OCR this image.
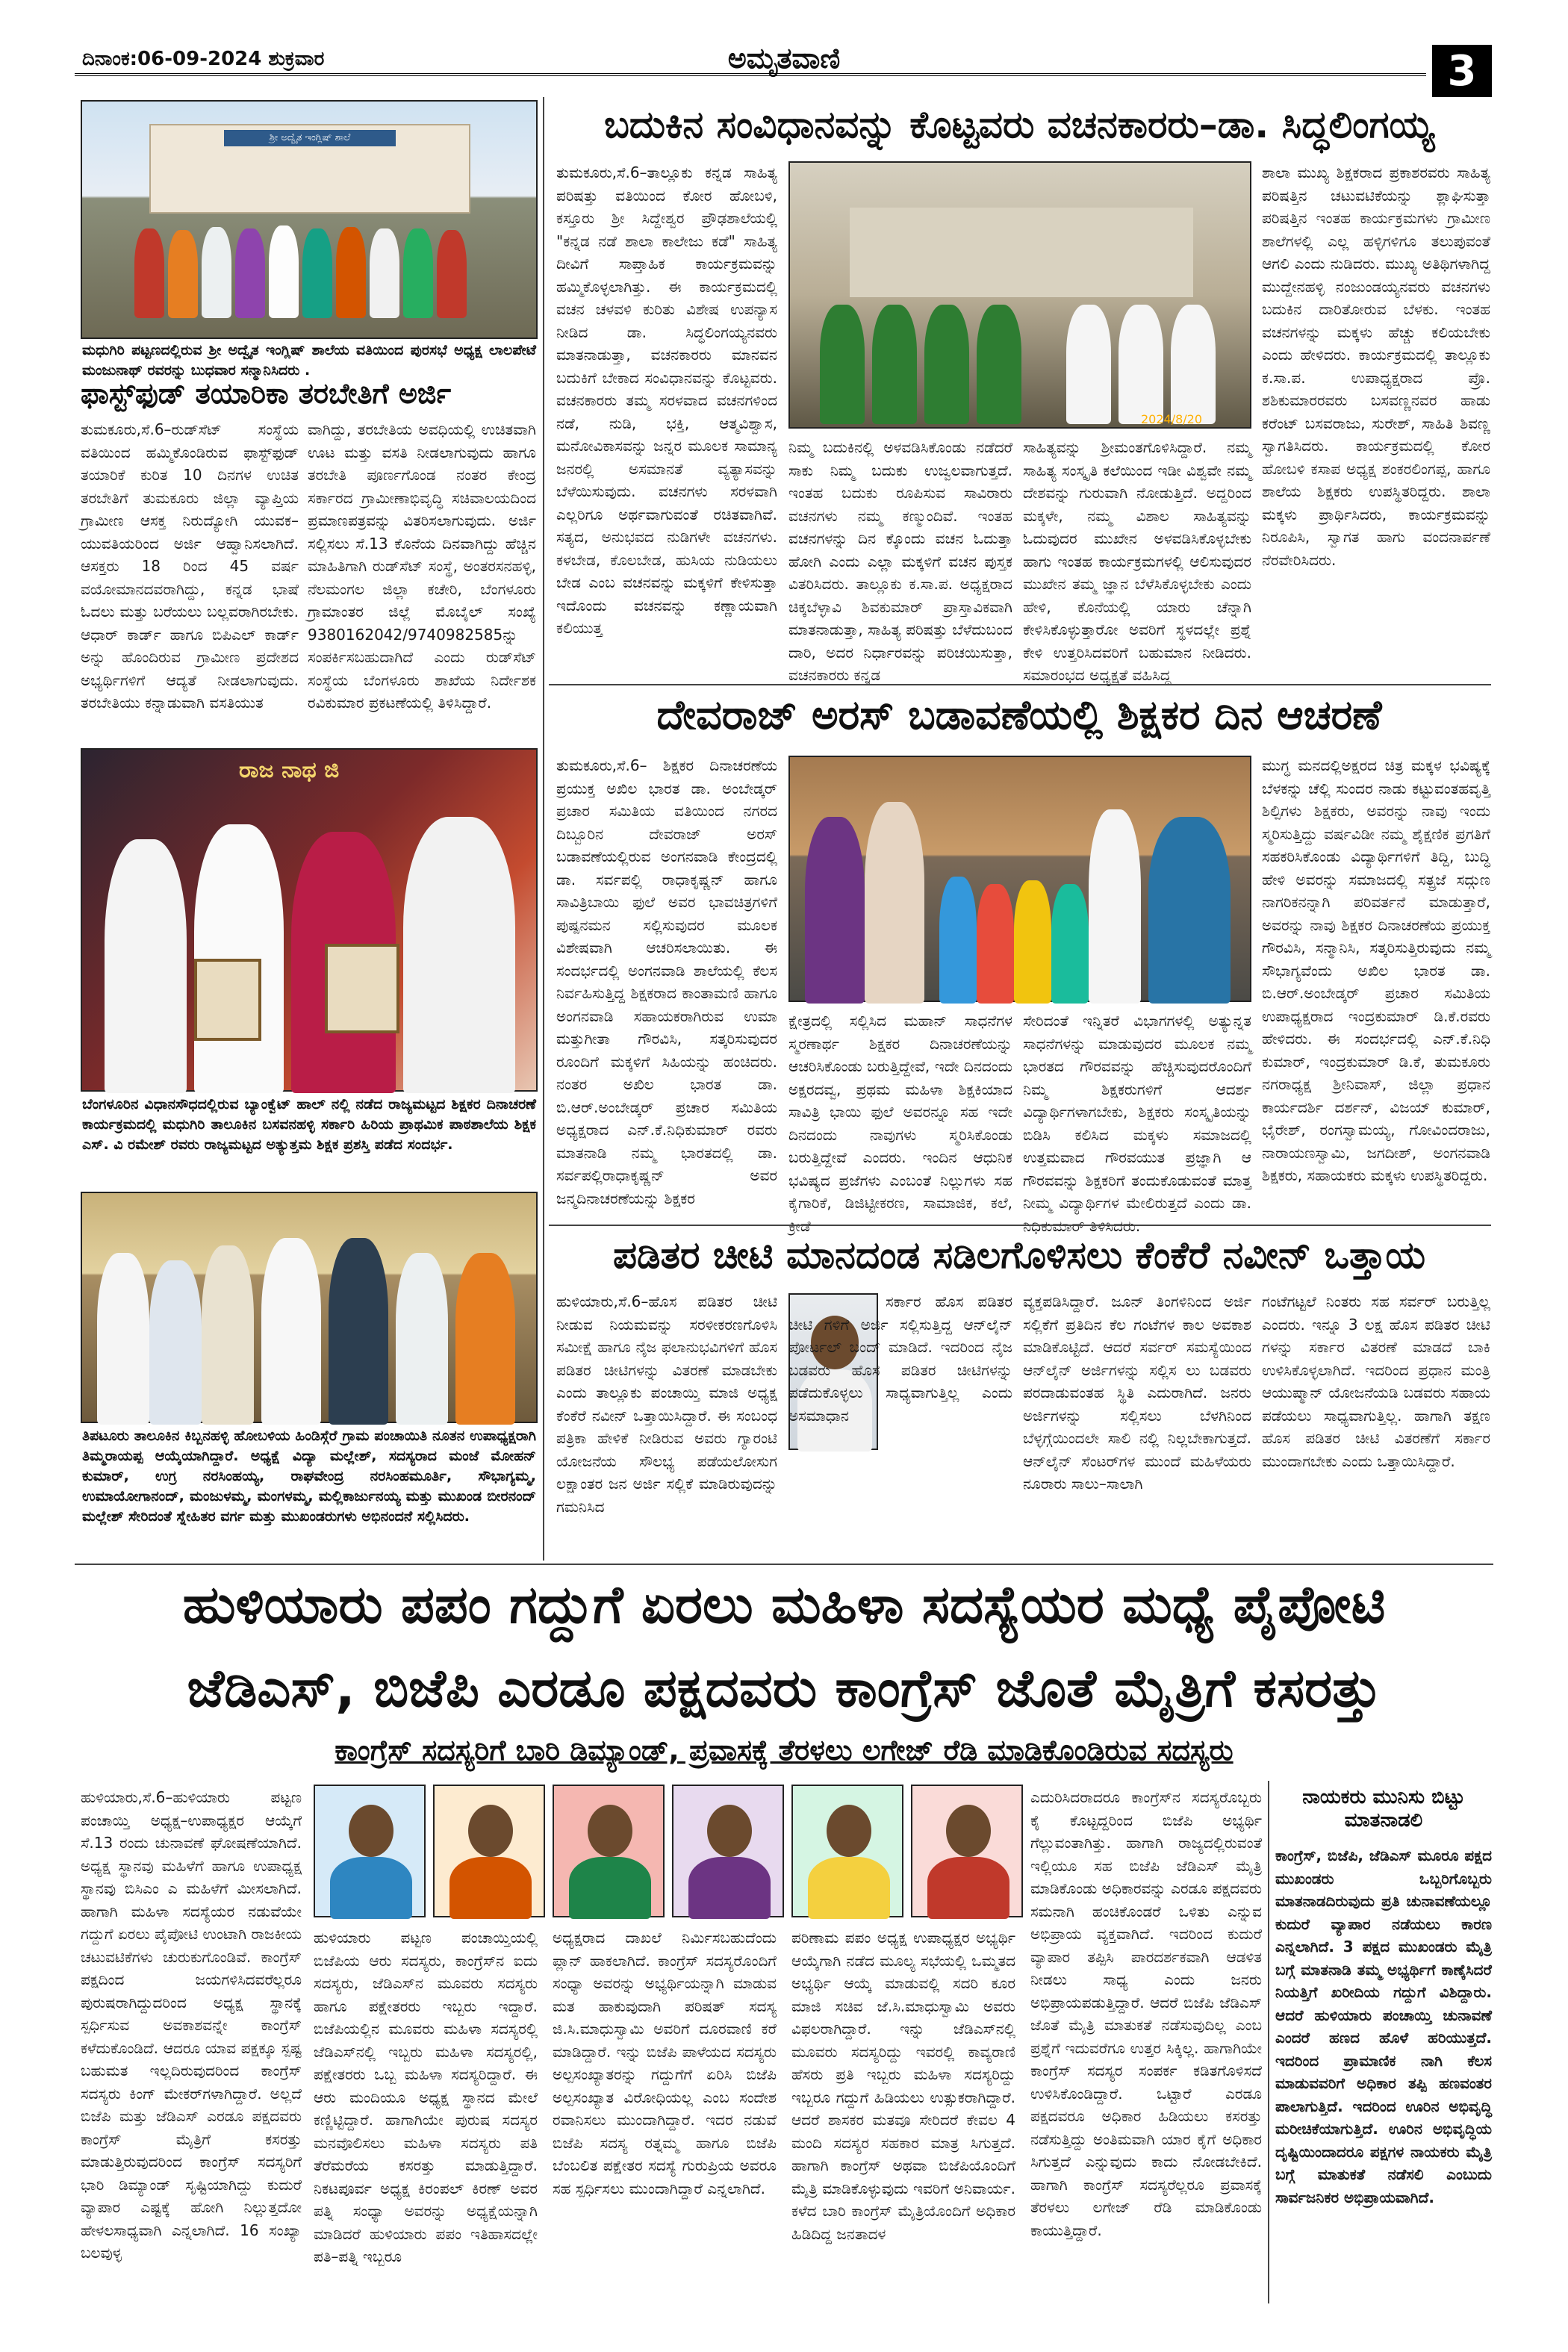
ದಿನಾಂಕ:06-09-2024 ಶುಕ್ರವಾರ	ಅಮೃತವಾಣಿ	3
ಶ್ರೀ ಅದ್ವೈತ ಇಂಗ್ಲಿಷ್ ಶಾಲೆ
ಮಧುಗಿರಿ ಪಟ್ಟಣದಲ್ಲಿರುವ ಶ್ರೀ ಅದ್ವೈತ ಇಂಗ್ಲಿಷ್ ಶಾಲೆಯ ವತಿಯಿಂದ ಪುರಸಭೆ ಅಧ್ಯಕ್ಷ ಲಾಲಪೇಟೆ ಮಂಜುನಾಥ್ ರವರನ್ನು ಬುಧವಾರ ಸನ್ಮಾನಿಸಿದರು .
ಫಾಸ್ಟ್‌ಫುಡ್ ತಯಾರಿಕಾ ತರಬೇತಿಗೆ ಅರ್ಜಿ
ತುಮಕೂರು,ಸೆ.6–ರುಡ್‌ಸೆಟ್ ಸಂಸ್ಥೆಯ ವತಿಯಿಂದ ಹಮ್ಮಿಕೊಂಡಿರುವ ಫಾಸ್ಟ್‌ಫುಡ್ ತಯಾರಿಕೆ ಕುರಿತ 10 ದಿನಗಳ ಉಚಿತ ತರಬೇತಿಗೆ ತುಮಕೂರು ಜಿಲ್ಲಾ ವ್ಯಾಪ್ತಿಯ ಗ್ರಾಮೀಣ ಆಸಕ್ತ ನಿರುದ್ಯೋಗಿ ಯುವಕ–ಯುವತಿಯರಿಂದ ಅರ್ಜಿ ಆಹ್ವಾನಿಸಲಾಗಿದೆ. ಆಸಕ್ತರು 18 ರಿಂದ 45 ವರ್ಷ ವಯೋಮಾನದವರಾಗಿದ್ದು, ಕನ್ನಡ ಭಾಷೆ ಓದಲು ಮತ್ತು ಬರೆಯಲು ಬಲ್ಲವರಾಗಿರಬೇಕು. ಆಧಾರ್ ಕಾರ್ಡ್ ಹಾಗೂ ಬಿಪಿಎಲ್ ಕಾರ್ಡ್ ಅನ್ನು ಹೊಂದಿರುವ ಗ್ರಾಮೀಣ ಪ್ರದೇಶದ ಅಭ್ಯರ್ಥಿಗಳಿಗೆ ಆದ್ಯತೆ ನೀಡಲಾಗುವುದು. ತರಬೇತಿಯು ಕನ್ನಾಡುವಾಗಿ ವಸತಿಯುತ
ವಾಗಿದ್ದು, ತರಬೇತಿಯ ಅವಧಿಯಲ್ಲಿ ಉಚಿತವಾಗಿ ಊಟ ಮತ್ತು ವಸತಿ ನೀಡಲಾಗುವುದು ಹಾಗೂ ತರಬೇತಿ ಪೂರ್ಣಗೊಂಡ ನಂತರ ಕೇಂದ್ರ ಸರ್ಕಾರದ ಗ್ರಾಮೀಣಾಭಿವೃದ್ಧಿ ಸಚಿವಾಲಯದಿಂದ ಪ್ರಮಾಣಪತ್ರವನ್ನು ವಿತರಿಸಲಾಗುವುದು. ಅರ್ಜಿ ಸಲ್ಲಿಸಲು ಸೆ.13 ಕೊನೆಯ ದಿನವಾಗಿದ್ದು ಹೆಚ್ಚಿನ ಮಾಹಿತಿಗಾಗಿ ರುಡ್‌ಸೆಟ್ ಸಂಸ್ಥೆ, ಅಂತರಸನಹಳ್ಳಿ, ನೆಲಮಂಗಲ ಜಿಲ್ಲಾ ಕಚೇರಿ, ಬೆಂಗಳೂರು ಗ್ರಾಮಾಂತರ ಜಿಲ್ಲೆ ಮೊಬೈಲ್ ಸಂಖ್ಯೆ 9380162042/9740982585ನ್ನು ಸಂಪರ್ಕಿಸಬಹುದಾಗಿದೆ ಎಂದು ರುಡ್‌ಸೆಟ್ ಸಂಸ್ಥೆಯ ಬೆಂಗಳೂರು ಶಾಖೆಯ ನಿರ್ದೇಶಕ ರವಿಕುಮಾರ ಪ್ರಕಟಣೆಯಲ್ಲಿ ತಿಳಿಸಿದ್ದಾರೆ.
ರಾಜ ನಾಥ ಜಿ
ಬೆಂಗಳೂರಿನ ವಿಧಾನಸೌಧದಲ್ಲಿರುವ ಬ್ಯಾಂಕ್ವೆಟ್ ಹಾಲ್ ನಲ್ಲಿ ನಡೆದ ರಾಜ್ಯಮಟ್ಟದ ಶಿಕ್ಷಕರ ದಿನಾಚರಣೆ ಕಾರ್ಯಕ್ರಮದಲ್ಲಿ ಮಧುಗಿರಿ ತಾಲೂಕಿನ ಬಸವನಹಳ್ಳಿ ಸರ್ಕಾರಿ ಹಿರಿಯ ಪ್ರಾಥಮಿಕ ಪಾಠಶಾಲೆಯ ಶಿಕ್ಷಕ ಎಸ್. ವಿ ರಮೇಶ್ ರವರು ರಾಜ್ಯಮಟ್ಟದ ಅತ್ಯುತ್ತಮ ಶಿಕ್ಷಕ ಪ್ರಶಸ್ತಿ ಪಡೆದ ಸಂದರ್ಭ.
ತಿಪಟೂರು ತಾಲೂಕಿನ ಕಿಬ್ಬನಹಳ್ಳಿ ಹೋಬಳಿಯ ಹಿಂಡಿಸ್ಗೆರೆ ಗ್ರಾಮ ಪಂಚಾಯಿತಿ ನೂತನ ಉಪಾಧ್ಯಕ್ಷರಾಗಿ ತಿಮ್ಮರಾಯಪ್ಪ ಆಯ್ಕೆಯಾಗಿದ್ದಾರೆ. ಅಧ್ಯಕ್ಷೆ ವಿದ್ಯಾ ಮಲ್ಲೇಶ್, ಸದಸ್ಯರಾದ ಮಂಜೆ ಮೋಹನ್ ಕುಮಾರ್, ಉಗ್ರ ನರಸಿಂಹಯ್ಯ, ರಾಘವೇಂದ್ರ ನರಸಿಂಹಮೂರ್ತಿ, ಸೌಭಾಗ್ಯಮ್ಮ, ಉಮಾಯೋಗಾನಂದ್, ಮಂಜುಳಮ್ಮ, ಮಂಗಳಮ್ಮ, ಮಲ್ಲಿಕಾರ್ಜುನಯ್ಯ ಮತ್ತು ಮುಖಂಡ ಬೀರನಂದ್ ಮಲ್ಲೇಶ್ ಸೇರಿದಂತೆ ಸ್ನೇಹಿತರ ವರ್ಗ ಮತ್ತು ಮುಖಂಡರುಗಳು ಅಭಿನಂದನೆ ಸಲ್ಲಿಸಿದರು.
ಬದುಕಿನ ಸಂವಿಧಾನವನ್ನು ಕೊಟ್ಟವರು ವಚನಕಾರರು–ಡಾ. ಸಿದ್ಧಲಿಂಗಯ್ಯ
ತುಮಕೂರು,ಸೆ.6–ತಾಲ್ಲೂಕು ಕನ್ನಡ ಸಾಹಿತ್ಯ ಪರಿಷತ್ತು ವತಿಯಿಂದ ಕೋರ ಹೋಬಳಿ, ಕಸ್ತೂರು ಶ್ರೀ ಸಿದ್ದೇಶ್ವರ ಪ್ರೌಢಶಾಲೆಯಲ್ಲಿ "ಕನ್ನಡ ನಡೆ ಶಾಲಾ ಕಾಲೇಜು ಕಡೆ" ಸಾಹಿತ್ಯ ದೀವಿಗೆ ಸಾಪ್ತಾಹಿಕ ಕಾರ್ಯಕ್ರಮವನ್ನು ಹಮ್ಮಿಕೊಳ್ಳಲಾಗಿತ್ತು. ಈ ಕಾರ್ಯಕ್ರಮದಲ್ಲಿ ವಚನ ಚಳವಳಿ ಕುರಿತು ವಿಶೇಷ ಉಪನ್ಯಾಸ ನೀಡಿದ ಡಾ. ಸಿದ್ಧಲಿಂಗಯ್ಯನವರು ಮಾತನಾಡುತ್ತಾ, ವಚನಕಾರರು ಮಾನವನ ಬದುಕಿಗೆ ಬೇಕಾದ ಸಂವಿಧಾನವನ್ನು ಕೊಟ್ಟವರು. ವಚನಕಾರರು ತಮ್ಮ ಸರಳವಾದ ವಚನಗಳಿಂದ ನಡೆ, ನುಡಿ, ಭಕ್ತಿ, ಆತ್ಮವಿಶ್ವಾಸ, ಮನೋವಿಕಾಸವನ್ನು ಜನ್ನರ ಮೂಲಕ ಸಾಮಾನ್ಯ ಜನರಲ್ಲಿ ಅಸಮಾನತೆ ವ್ಯತ್ಯಾಸವನ್ನು ಬೆಳೆಯಿಸುವುದು. ವಚನಗಳು ಸರಳವಾಗಿ ಎಲ್ಲರಿಗೂ ಅರ್ಥವಾಗುವಂತೆ ರಚಿತವಾಗಿವೆ. ಸತ್ಯದ, ಅನುಭವದ ನುಡಿಗಳೇ ವಚನಗಳು. ಕಳಬೇಡ, ಕೊಲಬೇಡ, ಹುಸಿಯ ನುಡಿಯಲು ಬೇಡ ಎಂಬ ವಚನವನ್ನು ಮಕ್ಕಳಿಗೆ ಕೇಳಿಸುತ್ತಾ ಇದೊಂದು ವಚನವನ್ನು ಕಣ್ಣಾಯವಾಗಿ ಕಲಿಯುತ್ತ
2024/8/20
ನಿಮ್ಮ ಬದುಕಿನಲ್ಲಿ ಅಳವಡಿಸಿಕೊಂಡು ನಡೆದರೆ ಸಾಕು ನಿಮ್ಮ ಬದುಕು ಉಜ್ವಲವಾಗುತ್ತದೆ. ಇಂತಹ ಬದುಕು ರೂಪಿಸುವ ಸಾವಿರಾರು ವಚನಗಳು ನಮ್ಮ ಕಣ್ಮುಂದಿವೆ. ಇಂತಹ ವಚನಗಳನ್ನು ದಿನ ಕ್ಕೊಂದು ವಚನ ಓದುತ್ತಾ ಹೋಗಿ ಎಂದು ಎಲ್ಲಾ ಮಕ್ಕಳಿಗೆ ವಚನ ಪುಸ್ತಕ ವಿತರಿಸಿದರು. ತಾಲ್ಲೂಕು ಕ.ಸಾ.ಪ. ಅಧ್ಯಕ್ಷರಾದ ಚಿಕ್ಕಬೆಳ್ಳಾವಿ ಶಿವಕುಮಾರ್ ಪ್ರಾಸ್ತಾವಿಕವಾಗಿ ಮಾತನಾಡುತ್ತಾ, ಸಾಹಿತ್ಯ ಪರಿಷತ್ತು ಬೆಳೆದುಬಂದ ದಾರಿ, ಅದರ ನಿರ್ಧಾರವನ್ನು ಪರಿಚಯಿಸುತ್ತಾ, ವಚನಕಾರರು ಕನ್ನಡ
ಸಾಹಿತ್ಯವನ್ನು ಶ್ರೀಮಂತಗೊಳಿಸಿದ್ದಾರೆ. ನಮ್ಮ ಸಾಹಿತ್ಯ ಸಂಸ್ಕೃತಿ ಕಲೆಯಿಂದ ಇಡೀ ವಿಶ್ವವೇ ನಮ್ಮ ದೇಶವನ್ನು ಗುರುವಾಗಿ ನೋಡುತ್ತಿದೆ. ಅದ್ದರಿಂದ ಮಕ್ಕಳೇ, ನಮ್ಮ ವಿಶಾಲ ಸಾಹಿತ್ಯವನ್ನು ಓದುವುದರ ಮುಖೇನ ಅಳವಡಿಸಿಕೊಳ್ಳಬೇಕು ಹಾಗು ಇಂತಹ ಕಾರ್ಯಕ್ರಮಗಳಲ್ಲಿ ಆಲಿಸುವುದರ ಮುಖೇನ ತಮ್ಮ ಜ್ಞಾನ ಬೆಳೆಸಿಕೊಳ್ಳಬೇಕು ಎಂದು ಹೇಳಿ, ಕೊನೆಯಲ್ಲಿ ಯಾರು ಚೆನ್ನಾಗಿ ಕೇಳಿಸಿಕೊಳ್ಳುತ್ತಾರೋ ಅವರಿಗೆ ಸ್ಥಳದಲ್ಲೇ ಪ್ರಶ್ನೆ ಕೇಳಿ ಉತ್ತರಿಸಿದವರಿಗೆ ಬಹುಮಾನ ನೀಡಿದರು. ಸಮಾರಂಭದ ಅಧ್ಯಕ್ಷತೆ ವಹಿಸಿದ್ದ
ಶಾಲಾ ಮುಖ್ಯ ಶಿಕ್ಷಕರಾದ ಪ್ರಕಾಶರವರು ಸಾಹಿತ್ಯ ಪರಿಷತ್ತಿನ ಚಟುವಟಿಕೆಯನ್ನು ಶ್ಲಾಘಿಸುತ್ತಾ ಪರಿಷತ್ತಿನ ಇಂತಹ ಕಾರ್ಯಕ್ರಮಗಳು ಗ್ರಾಮೀಣ ಶಾಲೆಗಳಲ್ಲಿ ಎಲ್ಲ ಹಳ್ಳಿಗಳಿಗೂ ತಲುಪುವಂತೆ ಆಗಲಿ ಎಂದು ನುಡಿದರು. ಮುಖ್ಯ ಅತಿಥಿಗಳಾಗಿದ್ದ ಮುದ್ದೇನಹಳ್ಳಿ ನಂಜುಂಡಯ್ಯನವರು ವಚನಗಳು ಬದುಕಿನ ದಾರಿತೋರುವ ಬೆಳಕು. ಇಂತಹ ವಚನಗಳನ್ನು ಮಕ್ಕಳು ಹೆಚ್ಚು ಕಲಿಯಬೇಕು ಎಂದು ಹೇಳಿದರು. ಕಾರ್ಯಕ್ರಮದಲ್ಲಿ ತಾಲ್ಲೂಕು ಕ.ಸಾ.ಪ. ಉಪಾಧ್ಯಕ್ಷರಾದ ಪ್ರೊ. ಶಶಿಕುಮಾರರವರು ಬಸವಣ್ಣನವರ ಹಾಡು ಕರೆಂಟ್ ಬಸವರಾಜು, ಸುರೇಶ್, ಸಾಹಿತಿ ಶಿವಣ್ಣ ಸ್ವಾಗತಿಸಿದರು. ಕಾರ್ಯಕ್ರಮದಲ್ಲಿ ಕೋರ ಹೋಬಳಿ ಕಸಾಪ ಅಧ್ಯಕ್ಷ ಶಂಕರಲಿಂಗಪ್ಪ, ಹಾಗೂ ಶಾಲೆಯ ಶಿಕ್ಷಕರು ಉಪಸ್ಥಿತರಿದ್ದರು. ಶಾಲಾ ಮಕ್ಕಳು ಪ್ರಾರ್ಥಿಸಿದರು, ಕಾರ್ಯಕ್ರಮವನ್ನು ನಿರೂಪಿಸಿ, ಸ್ವಾಗತ ಹಾಗು ವಂದನಾರ್ಪಣೆ ನೆರವೇರಿಸಿದರು.
ದೇವರಾಜ್ ಅರಸ್ ಬಡಾವಣೆಯಲ್ಲಿ ಶಿಕ್ಷಕರ ದಿನ ಆಚರಣೆ
ತುಮಕೂರು,ಸೆ.6– ಶಿಕ್ಷಕರ ದಿನಾಚರಣೆಯ ಪ್ರಯುಕ್ತ ಅಖಿಲ ಭಾರತ ಡಾ. ಅಂಬೇಡ್ಕರ್ ಪ್ರಚಾರ ಸಮಿತಿಯ ವತಿಯಿಂದ ನಗರದ ದಿಬ್ಬೂರಿನ ದೇವರಾಜ್ ಅರಸ್ ಬಡಾವಣೆಯಲ್ಲಿರುವ ಅಂಗನವಾಡಿ ಕೇಂದ್ರದಲ್ಲಿ ಡಾ. ಸರ್ವಪಲ್ಲಿ ರಾಧಾಕೃಷ್ಣನ್ ಹಾಗೂ ಸಾವಿತ್ರಿಬಾಯಿ ಫುಲೆ ಅವರ ಭಾವಚಿತ್ರಗಳಿಗೆ ಪುಷ್ಪನಮನ ಸಲ್ಲಿಸುವುದರ ಮೂಲಕ ವಿಶೇಷವಾಗಿ ಆಚರಿಸಲಾಯಿತು. ಈ ಸಂದರ್ಭದಲ್ಲಿ ಅಂಗನವಾಡಿ ಶಾಲೆಯಲ್ಲಿ ಕೆಲಸ ನಿರ್ವಹಿಸುತ್ತಿದ್ದ ಶಿಕ್ಷಕರಾದ ಕಾಂತಾಮಣಿ ಹಾಗೂ ಅಂಗನವಾಡಿ ಸಹಾಯಕರಾಗಿರುವ ಉಮಾ ಮತ್ತುಗೀತಾ ಗೌರವಿಸಿ, ಸತ್ಕರಿಸುವುದರ ರೂಂದಿಗೆ ಮಕ್ಕಳಿಗೆ ಸಿಹಿಯನ್ನು ಹಂಚಿದರು. ನಂತರ ಅಖಿಲ ಭಾರತ ಡಾ. ಬಿ.ಆರ್.ಅಂಬೇಡ್ಕರ್ ಪ್ರಚಾರ ಸಮಿತಿಯ ಅಧ್ಯಕ್ಷರಾದ ಎನ್.ಕೆ.ನಿಧಿಕುಮಾರ್ ರವರು ಮಾತನಾಡಿ ನಮ್ಮ ಭಾರತದಲ್ಲಿ ಡಾ. ಸರ್ವಪಲ್ಲಿರಾಧಾಕೃಷ್ಣನ್ ಅವರ ಜನ್ಮದಿನಾಚರಣೆಯನ್ನು ಶಿಕ್ಷಕರ
ಕ್ಷೇತ್ರದಲ್ಲಿ ಸಲ್ಲಿಸಿದ ಮಹಾನ್ ಸಾಧನೆಗಳ ಸ್ಮರಣಾರ್ಥ ಶಿಕ್ಷಕರ ದಿನಾಚರಣೆಯನ್ನು ಆಚರಿಸಿಕೊಂಡು ಬರುತ್ತಿದ್ದೇವೆ, ಇದೇ ದಿನದಂದು ಅಕ್ಷರದವ್ವ, ಪ್ರಥಮ ಮಹಿಳಾ ಶಿಕ್ಷಕಿಯಾದ ಸಾವಿತ್ರಿ ಭಾಯಿ ಫುಲೆ ಅವರನ್ನೂ ಸಹ ಇದೇ ದಿನದಂದು ನಾವುಗಳು ಸ್ಮರಿಸಿಕೊಂಡು ಬರುತ್ತಿದ್ದೇವೆ ಎಂದರು. ಇಂದಿನ ಆಧುನಿಕ ಭವಿಷ್ಯದ ಪ್ರಜೆಗಳು ಎಂಬಂತೆ ನಿಲ್ಲುಗಳು ಸಹ ಕೈಗಾರಿಕೆ, ಡಿಜಿಟ್ಟೀಕರಣ, ಸಾಮಾಜಿಕ, ಕಲೆ, ಕ್ರೀಡೆ
ಸೇರಿದಂತೆ ಇನ್ನಿತರೆ ವಿಭಾಗಗಳಲ್ಲಿ ಅತ್ಯುನ್ನತ ಸಾಧನೆಗಳನ್ನು ಮಾಡುವುದರ ಮೂಲಕ ನಮ್ಮ ಭಾರತದ ಗೌರವವನ್ನು ಹೆಚ್ಚಿಸುವುದರೊಂದಿಗೆ ನಿಮ್ಮ ಶಿಕ್ಷಕರುಗಳಿಗೆ ಆದರ್ಶ ವಿದ್ಯಾರ್ಥಿಗಳಾಗಬೇಕು, ಶಿಕ್ಷಕರು ಸಂಸ್ಕೃತಿಯನ್ನು ಬಿಡಿಸಿ ಕಲಿಸಿದ ಮಕ್ಕಳು ಸಮಾಜದಲ್ಲಿ ಉತ್ತಮವಾದ ಗೌರವಯುತ ಪ್ರಜ್ಞಾಗಿ ಆ ಗೌರವವನ್ನು ಶಿಕ್ಷಕರಿಗೆ ತಂದುಕೊಡುವಂತೆ ಮಾತ್ತ ನೀಮ್ಮ ವಿದ್ಯಾರ್ಥಿಗಳ ಮೇಲಿರುತ್ತದೆ ಎಂದು ಡಾ. ನಿಧಿಕುಮಾರ್ ತಿಳಿಸಿದರು.
ಮುಗ್ಧ ಮನದಲ್ಲಿಅಕ್ಷರದ ಚಿತ್ರ ಮಕ್ಕಳ ಭವಿಷ್ಯಕ್ಕೆ ಬೆಳಕನ್ನು ಚೆಲ್ಲಿ ಸುಂದರ ನಾಡು ಕಟ್ಟುವಂತಹವೃತ್ತಿ ಶಿಲ್ಪಿಗಳು ಶಿಕ್ಷಕರು, ಅವರನ್ನು ನಾವು ಇಂದು ಸ್ಮರಿಸುತ್ತಿದ್ದು ವರ್ಷವಿಡೀ ನಮ್ಮ ಶೈಕ್ಷಣಿಕ ಪ್ರಗತಿಗೆ ಸಹಕರಿಸಿಕೊಂಡು ವಿದ್ಯಾರ್ಥಿಗಳಿಗೆ ತಿದ್ದಿ, ಬುದ್ಧಿ ಹೇಳಿ ಅವರನ್ನು ಸಮಾಜದಲ್ಲಿ ಸತ್ಪ್ರಜೆ ಸದ್ಗುಣ ನಾಗರಿಕನನ್ನಾಗಿ ಪರಿವರ್ತನೆ ಮಾಡುತ್ತಾರೆ, ಅವರನ್ನು ನಾವು ಶಿಕ್ಷಕರ ದಿನಾಚರಣೆಯ ಪ್ರಯುಕ್ತ ಗೌರವಿಸಿ, ಸನ್ಮಾನಿಸಿ, ಸತ್ಕರಿಸುತ್ತಿರುವುದು ನಮ್ಮ ಸೌಭಾಗ್ಯವೆಂದು ಅಖಿಲ ಭಾರತ ಡಾ. ಬಿ.ಆರ್.ಅಂಬೇಡ್ಕರ್ ಪ್ರಚಾರ ಸಮಿತಿಯ ಉಪಾಧ್ಯಕ್ಷರಾದ ಇಂದ್ರಕುಮಾರ್ ಡಿ.ಕೆ.ರವರು ಹೇಳಿದರು. ಈ ಸಂದರ್ಭದಲ್ಲಿ ಎನ್.ಕೆ.ನಿಧಿ ಕುಮಾರ್, ಇಂದ್ರಕುಮಾರ್ ಡಿ.ಕೆ, ತುಮಕೂರು ನಗರಾಧ್ಯಕ್ಷ ಶ್ರೀನಿವಾಸ್, ಜಿಲ್ಲಾ ಪ್ರಧಾನ ಕಾರ್ಯದರ್ಶಿ ದರ್ಶನ್, ವಿಜಯ್ ಕುಮಾರ್, ಭೈರೇಶ್, ರಂಗಸ್ವಾಮಯ್ಯ, ಗೋವಿಂದರಾಜು, ನಾರಾಯಣಸ್ವಾಮಿ, ಜಗದೀಶ್, ಅಂಗನವಾಡಿ ಶಿಕ್ಷಕರು, ಸಹಾಯಕರು ಮಕ್ಕಳು ಉಪಸ್ಥಿತರಿದ್ದರು.
ಪಡಿತರ ಚೀಟಿ ಮಾನದಂಡ ಸಡಿಲಗೊಳಿಸಲು ಕೆಂಕೆರೆ ನವೀನ್ ಒತ್ತಾಯ
ಹುಳಿಯಾರು,ಸೆ.6–ಹೊಸ ಪಡಿತರ ಚೀಟಿ ನೀಡುವ ನಿಯಮವನ್ನು ಸರಳೀಕರಣಗೊಳಿಸಿ ಸಮೀಕ್ಷೆ ಹಾಗೂ ನೈಜ ಫಲಾನುಭವಿಗಳಿಗೆ ಹೊಸ ಪಡಿತರ ಚೀಟಿಗಳನ್ನು ವಿತರಣೆ ಮಾಡಬೇಕು ಎಂದು ತಾಲ್ಲೂಕು ಪಂಚಾಯ್ತಿ ಮಾಜಿ ಅಧ್ಯಕ್ಷ ಕೆಂಕೆರೆ ನವೀನ್ ಒತ್ತಾಯಿಸಿದ್ದಾರೆ. ಈ ಸಂಬಂಧ ಪತ್ರಿಕಾ ಹೇಳಿಕೆ ನೀಡಿರುವ ಅವರು ಗ್ಯಾರಂಟಿ ಯೋಜನೆಯ ಸೌಲಭ್ಯ ಪಡೆಯಲೋಸುಗ ಲಕ್ಷಾಂತರ ಜನ ಅರ್ಜಿ ಸಲ್ಲಿಕೆ ಮಾಡಿರುವುದನ್ನು ಗಮನಿಸಿದ
ಸರ್ಕಾರ ಹೊಸ ಪಡಿತರ ಚೀಟಿ ಗಳಿಗೆ ಅರ್ಜಿ ಸಲ್ಲಿಸುತ್ತಿದ್ದ ಆನ್‌ಲೈನ್ ಪೋರ್ಟಲ್ ಬಂದ್ ಮಾಡಿದೆ. ಇದರಿಂದ ನೈಜ ಬಡವರು ಹೊಸ ಪಡಿತರ ಚೀಟಿಗಳನ್ನು ಪಡೆದುಕೊಳ್ಳಲು ಸಾಧ್ಯವಾಗುತ್ತಿಲ್ಲ ಎಂದು ಅಸಮಾಧಾನ
ವ್ಯಕ್ತಪಡಿಸಿದ್ದಾರೆ. ಜೂನ್ ತಿಂಗಳಿನಿಂದ ಅರ್ಜಿ ಸಲ್ಲಿಕೆಗೆ ಪ್ರತಿದಿನ ಕೆಲ ಗಂಟೆಗಳ ಕಾಲ ಅವಕಾಶ ಮಾಡಿಕೊಟ್ಟಿದೆ. ಆದರೆ ಸರ್ವರ್ ಸಮಸ್ಯೆಯಿಂದ ಆನ್‌ಲೈನ್ ಅರ್ಜಿಗಳನ್ನು ಸಲ್ಲಿಸ ಲು ಬಡವರು ಪರದಾಡುವಂತಹ ಸ್ಥಿತಿ ಎದುರಾಗಿದೆ. ಜನರು ಅರ್ಜಿಗಳನ್ನು ಸಲ್ಲಿಸಲು ಬೆಳಗಿನಿಂದ ಬೆಳ್ಳಗ್ಗೆಯಿಂದಲೇ ಸಾಲಿ ನಲ್ಲಿ ನಿಲ್ಲಬೇಕಾಗುತ್ತದೆ. ಆನ್‌ಲೈನ್ ಸೆಂಟರ್‌ಗಳ ಮುಂದೆ ಮಹಿಳೆಯರು ನೂರಾರು ಸಾಲು–ಸಾಲಾಗಿ
ಗಂಟೆಗಟ್ಟಲೆ ನಿಂತರು ಸಹ ಸರ್ವರ್ ಬರುತ್ತಿಲ್ಲ ಎಂದರು. ಇನ್ನೂ 3 ಲಕ್ಷ ಹೊಸ ಪಡಿತರ ಚೀಟಿ ಗಳನ್ನು ಸರ್ಕಾರ ವಿತರಣೆ ಮಾಡದೆ ಬಾಕಿ ಉಳಿಸಿಕೊಳ್ಳಲಾಗಿದೆ. ಇದರಿಂದ ಪ್ರಧಾನ ಮಂತ್ರಿ ಆಯುಷ್ಮಾನ್ ಯೋಜನೆಯಡಿ ಬಡವರು ಸಹಾಯ ಪಡೆಯಲು ಸಾಧ್ಯವಾಗುತ್ತಿಲ್ಲ. ಹಾಗಾಗಿ ತಕ್ಷಣ ಹೊಸ ಪಡಿತರ ಚೀಟಿ ವಿತರಣೆಗೆ ಸರ್ಕಾರ ಮುಂದಾಗಬೇಕು ಎಂದು ಒತ್ತಾಯಿಸಿದ್ದಾರೆ.
ಹುಳಿಯಾರು ಪಪಂ ಗದ್ದುಗೆ ಏರಲು ಮಹಿಳಾ ಸದಸ್ಯೆಯರ ಮಧ್ಯೆ ಪೈಪೋಟಿ
ಜೆಡಿಎಸ್, ಬಿಜೆಪಿ ಎರಡೂ ಪಕ್ಷದವರು ಕಾಂಗ್ರೆಸ್ ಜೊತೆ ಮೈತ್ರಿಗೆ ಕಸರತ್ತು
ಕಾಂಗ್ರೆಸ್ ಸದಸ್ಯರಿಗೆ ಬಾರಿ ಡಿಮ್ಯಾಂಡ್, ಪ್ರವಾಸಕ್ಕೆ ತೆರಳಲು ಲಗೇಜ್ ರೆಡಿ ಮಾಡಿಕೊಂಡಿರುವ ಸದಸ್ಯರು
ಹುಳಿಯಾರು,ಸೆ.6–ಹುಳಿಯಾರು ಪಟ್ಟಣ ಪಂಚಾಯ್ತಿ ಅಧ್ಯಕ್ಷ–ಉಪಾಧ್ಯಕ್ಷರ ಆಯ್ಕೆಗೆ ಸೆ.13 ರಂದು ಚುನಾವಣೆ ಘೋಷಣೆಯಾಗಿದೆ. ಅಧ್ಯಕ್ಷ ಸ್ಥಾನವು ಮಹಿಳೆಗೆ ಹಾಗೂ ಉಪಾಧ್ಯಕ್ಷ ಸ್ಥಾನವು ಬಿಸಿಎಂ ಎ ಮಹಿಳೆಗೆ ಮೀಸಲಾಗಿದೆ. ಹಾಗಾಗಿ ಮಹಿಳಾ ಸದಸ್ಯೆಯರ ನಡುವೆಯೇ ಗದ್ದುಗೆ ಏರಲು ಪೈಪೋಟಿ ಉಂಟಾಗಿ ರಾಜಕೀಯ ಚಟುವಟಿಕೆಗಳು ಚುರುಕುಗೊಂಡಿವೆ. ಕಾಂಗ್ರೆಸ್ ಪಕ್ಷದಿಂದ ಜಯಗಳಿಸಿದವರೆಲ್ಲರೂ ಪುರುಷರಾಗಿದ್ದುದರಿಂದ ಅಧ್ಯಕ್ಷ ಸ್ಥಾನಕ್ಕೆ ಸ್ಪರ್ಧಿಸುವ ಅವಕಾಶವನ್ನೇ ಕಾಂಗ್ರೆಸ್ ಕಳೆದುಕೊಂಡಿದೆ. ಆದರೂ ಯಾವ ಪಕ್ಷಕ್ಕೂ ಸ್ಪಷ್ಟ ಬಹುಮತ ಇಲ್ಲದಿರುವುದರಿಂದ ಕಾಂಗ್ರೆಸ್ ಸದಸ್ಯರು ಕಿಂಗ್ ಮೇಕರ್‌ಗಳಾಗಿದ್ದಾರೆ. ಅಲ್ಲದೆ ಬಿಜೆಪಿ ಮತ್ತು ಜೆಡಿಎಸ್ ಎರಡೂ ಪಕ್ಷದವರು ಕಾಂಗ್ರೆಸ್ ಮೈತ್ರಿಗೆ ಕಸರತ್ತು ಮಾಡುತ್ತಿರುವುದರಿಂದ ಕಾಂಗ್ರೆಸ್ ಸದಸ್ಯರಿಗೆ ಭಾರಿ ಡಿಮ್ಯಾಂಡ್ ಸೃಷ್ಟಿಯಾಗಿದ್ದು ಕುದುರೆ ವ್ಯಾಪಾರ ಎಷ್ಟಕ್ಕೆ ಹೋಗಿ ನಿಲ್ಲುತ್ತದೋ ಹೇಳಲಸಾಧ್ಯವಾಗಿ ಎನ್ನಲಾಗಿದೆ. 16 ಸಂಖ್ಯಾ ಬಲವುಳ್ಳ
ಹುಳಿಯಾರು ಪಟ್ಟಣ ಪಂಚಾಯ್ತಿಯಲ್ಲಿ ಬಿಜೆಪಿಯ ಆರು ಸದಸ್ಯರು, ಕಾಂಗ್ರೆಸ್‌ನ ಐದು ಸದಸ್ಯರು, ಜೆಡಿಎಸ್‌ನ ಮೂವರು ಸದಸ್ಯರು ಹಾಗೂ ಪಕ್ಷೇತರರು ಇಬ್ಬರು ಇದ್ದಾರೆ. ಬಿಜೆಪಿಯಲ್ಲಿನ ಮೂವರು ಮಹಿಳಾ ಸದಸ್ಯರಲ್ಲಿ ಜೆಡಿಎಸ್‌ನಲ್ಲಿ ಇಬ್ಬರು ಮಹಿಳಾ ಸದಸ್ಯರಲ್ಲಿ, ಪಕ್ಷೇತರರು ಒಬ್ಬ ಮಹಿಳಾ ಸದಸ್ಯರಿದ್ದಾರೆ. ಈ ಆರು ಮಂದಿಯೂ ಅಧ್ಯಕ್ಷ ಸ್ಥಾನದ ಮೇಲೆ ಕಣ್ಣಿಟ್ಟಿದ್ದಾರೆ. ಹಾಗಾಗಿಯೇ ಪುರುಷ ಸದಸ್ಯರ ಮನವೊಲಿಸಲು ಮಹಿಳಾ ಸದಸ್ಯರು ಪತಿ ತೆರೆಮರೆಯ ಕಸರತ್ತು ಮಾಡುತ್ತಿದ್ದಾರೆ. ನಿಕಟಪೂರ್ವ ಅಧ್ಯಕ್ಷ ಕಿರಂಪಲ್ ಕಿರಣ್ ಅವರ ಪತ್ನಿ ಸಂಧ್ಯಾ ಅವರನ್ನು ಅಧ್ಯಕ್ಷೆಯನ್ನಾಗಿ ಮಾಡಿದರೆ ಹುಳಿಯಾರು ಪಪಂ ಇತಿಹಾಸದಲ್ಲೇ ಪತಿ–ಪತ್ನಿ ಇಬ್ಬರೂ
ಅಧ್ಯಕ್ಷರಾದ ದಾಖಲೆ ನಿರ್ಮಿಸಬಹುದೆಂದು ಪ್ಲಾನ್ ಹಾಕಲಾಗಿದೆ. ಕಾಂಗ್ರೆಸ್ ಸದಸ್ಯರೊಂದಿಗೆ ಸಂಧ್ಯಾ ಅವರನ್ನು ಅಭ್ಯರ್ಥಿಯನ್ನಾಗಿ ಮಾಡುವ ಮತ ಹಾಕುವುದಾಗಿ ಪರಿಷತ್ ಸದಸ್ಯ ಜಿ.ಸಿ.ಮಾಧುಸ್ವಾಮಿ ಅವರಿಗೆ ದೂರವಾಣಿ ಕರೆ ಮಾಡಿದ್ದಾರೆ. ಇನ್ನು ಬಿಜೆಪಿ ಪಾಳೆಯದ ಸದಸ್ಯರು ಅಲ್ಪಸಂಖ್ಯಾತರನ್ನು ಗದ್ದುಗೆಗೆ ಏರಿಸಿ ಬಿಜೆಪಿ ಅಲ್ಪಸಂಖ್ಯಾತ ವಿರೋಧಿಯಲ್ಲ ಎಂಬ ಸಂದೇಶ ರವಾನಿಸಲು ಮುಂದಾಗಿದ್ದಾರೆ. ಇದರ ನಡುವೆ ಬಿಜೆಪಿ ಸದಸ್ಯ ರತ್ನಮ್ಮ ಹಾಗೂ ಬಿಜೆಪಿ ಬೆಂಬಲಿತ ಪಕ್ಷೇತರ ಸದಸ್ಯೆ ಗುರುಪ್ರಿಯ ಅವರೂ ಸಹ ಸ್ಪರ್ಧಿಸಲು ಮುಂದಾಗಿದ್ದಾರೆ ಎನ್ನಲಾಗಿದೆ.
ಪರಿಣಾಮ ಪಪಂ ಅಧ್ಯಕ್ಷ ಉಪಾಧ್ಯಕ್ಷರ ಅಭ್ಯರ್ಥಿ ಆಯ್ಕೆಗಾಗಿ ನಡೆದ ಮೂಲ್ಯ ಸಭೆಯಲ್ಲಿ ಒಮ್ಮತದ ಅಭ್ಯರ್ಥಿ ಆಯ್ಕೆ ಮಾಡುವಲ್ಲಿ ಸದರಿ ಕೂರ ಮಾಜಿ ಸಚಿವ ಜೆ.ಸಿ.ಮಾಧುಸ್ವಾಮಿ ಅವರು ವಿಫಲರಾಗಿದ್ದಾರೆ. ಇನ್ನು ಜೆಡಿಎಸ್‌ನಲ್ಲಿ ಮೂವರು ಸದಸ್ಯರಿದ್ದು ಇವರಲ್ಲಿ ಕಾವ್ಯರಾಣಿ ಹೆಸರು ಪ್ರತಿ ಇಬ್ಬರು ಮಹಿಳಾ ಸದಸ್ಯರಿದ್ದು ಇಬ್ಬರೂ ಗದ್ದುಗೆ ಹಿಡಿಯಲು ಉತ್ಸುಕರಾಗಿದ್ದಾರೆ. ಆದರೆ ಶಾಸಕರ ಮತವೂ ಸೇರಿದರೆ ಕೇವಲ 4 ಮಂದಿ ಸದಸ್ಯರ ಸಹಕಾರ ಮಾತ್ರ ಸಿಗುತ್ತದೆ. ಹಾಗಾಗಿ ಕಾಂಗ್ರೆಸ್ ಅಥವಾ ಬಿಜೆಪಿಯೊಂದಿಗೆ ಮೈತ್ರಿ ಮಾಡಿಕೊಳ್ಳುವುದು ಇವರಿಗೆ ಅನಿವಾರ್ಯ. ಕಳೆದ ಬಾರಿ ಕಾಂಗ್ರೆಸ್ ಮೈತ್ರಿಯೊಂದಿಗೆ ಅಧಿಕಾರ ಹಿಡಿದಿದ್ದ ಜನತಾದಳ
ಎದುರಿಸಿದರಾದರೂ ಕಾಂಗ್ರೆಸ್‌ನ ಸದಸ್ಯರೊಬ್ಬರು ಕೈ ಕೊಟ್ಟದ್ದರಿಂದ ಬಿಜೆಪಿ ಅಭ್ಯರ್ಥಿ ಗೆಲ್ಲುವಂತಾಗಿತ್ತು. ಹಾಗಾಗಿ ರಾಜ್ಯದಲ್ಲಿರುವಂತೆ ಇಲ್ಲಿಯೂ ಸಹ ಬಿಜೆಪಿ ಜೆಡಿಎಸ್ ಮೈತ್ರಿ ಮಾಡಿಕೊಂಡು ಅಧಿಕಾರವನ್ನು ಎರಡೂ ಪಕ್ಷದವರು ಸಮನಾಗಿ ಹಂಚಿಕೊಂಡರೆ ಒಳಿತು ಎನ್ನುವ ಅಭಿಪ್ರಾಯ ವ್ಯಕ್ತವಾಗಿದೆ. ಇದರಿಂದ ಕುದುರೆ ವ್ಯಾಪಾರ ತಪ್ಪಿಸಿ ಪಾರದರ್ಶಕವಾಗಿ ಆಡಳಿತ ನೀಡಲು ಸಾಧ್ಯ ಎಂದು ಜನರು ಅಭಿಪ್ರಾಯಪಡುತ್ತಿದ್ದಾರೆ. ಆದರೆ ಬಿಜೆಪಿ ಜೆಡಿಎಸ್ ಜೊತೆ ಮೈತ್ರಿ ಮಾತುಕತೆ ನಡೆಸುವುದಿಲ್ಲ ಎಂಬ ಪ್ರಶ್ನೆಗೆ ಇದುವರೆಗೂ ಉತ್ತರ ಸಿಕ್ಕಿಲ್ಲ. ಹಾಗಾಗಿಯೇ ಕಾಂಗ್ರೆಸ್ ಸದಸ್ಯರ ಸಂಪರ್ಕ ಕಡಿತಗೊಳಿಸದೆ ಉಳಿಸಿಕೊಂಡಿದ್ದಾರೆ. ಒಟ್ಟಾರೆ ಎರಡೂ ಪಕ್ಷದವರೂ ಅಧಿಕಾರ ಹಿಡಿಯಲು ಕಸರತ್ತು ನಡೆಸುತ್ತಿದ್ದು ಅಂತಿಮವಾಗಿ ಯಾರ ಕೈಗೆ ಅಧಿಕಾರ ಸಿಗುತ್ತದೆ ಎನ್ನುವುದು ಕಾದು ನೋಡಬೇಕಿದೆ. ಹಾಗಾಗಿ ಕಾಂಗ್ರೆಸ್ ಸದಸ್ಯರೆಲ್ಲರೂ ಪ್ರವಾಸಕ್ಕೆ ತೆರಳಲು ಲಗೇಜ್ ರೆಡಿ ಮಾಡಿಕೊಂಡು ಕಾಯುತ್ತಿದ್ದಾರೆ.
ನಾಯಕರು ಮುನಿಸು ಬಿಟ್ಟು ಮಾತನಾಡಲಿ
ಕಾಂಗ್ರೆಸ್, ಬಿಜೆಪಿ, ಜೆಡಿಎಸ್ ಮೂರೂ ಪಕ್ಷದ ಮುಖಂಡರು ಒಬ್ಬರಿಗೊಬ್ಬರು ಮಾತನಾಡದಿರುವುದು ಪ್ರತಿ ಚುನಾವಣೆಯಲ್ಲೂ ಕುದುರೆ ವ್ಯಾಪಾರ ನಡೆಯಲು ಕಾರಣ ಎನ್ನಲಾಗಿದೆ. 3 ಪಕ್ಷದ ಮುಖಂಡರು ಮೈತ್ರಿ ಬಗ್ಗೆ ಮಾತನಾಡಿ ತಮ್ಮ ಅಭ್ಯರ್ಥಿಗೆ ಕಾಣ್ಕೆಸಿದರೆ ನಿಯತ್ತಿಗೆ ಖರೀದಿಯ ಗದ್ದುಗೆ ವಿಶಿದ್ದಾರು. ಆದರೆ ಹುಳಿಯಾರು ಪಂಚಾಯ್ತಿ ಚುನಾವಣೆ ಎಂದರೆ ಹಣದ ಹೊಳೆ ಹರಿಯುತ್ತದೆ. ಇದರಿಂದ ಪ್ರಾಮಾಣಿಕ ನಾಗಿ ಕೆಲಸ ಮಾಡುವವರಿಗೆ ಅಧಿಕಾರ ತಪ್ಪಿ ಹಣವಂತರ ಪಾಲಾಗುತ್ತಿದೆ. ಇದರಿಂದ ಊರಿನ ಅಭಿವೃದ್ಧಿ ಮರೀಚಿಕೆಯಾಗುತ್ತಿದೆ. ಊರಿನ ಅಭಿವೃದ್ಧಿಯ ದೃಷ್ಟಿಯಿಂದಾದರೂ ಪಕ್ಷಗಳ ನಾಯಕರು ಮೈತ್ರಿ ಬಗ್ಗೆ ಮಾತುಕತೆ ನಡೆಸಲಿ ಎಂಬುದು ಸಾರ್ವಜನಿಕರ ಅಭಿಪ್ರಾಯವಾಗಿದೆ.
